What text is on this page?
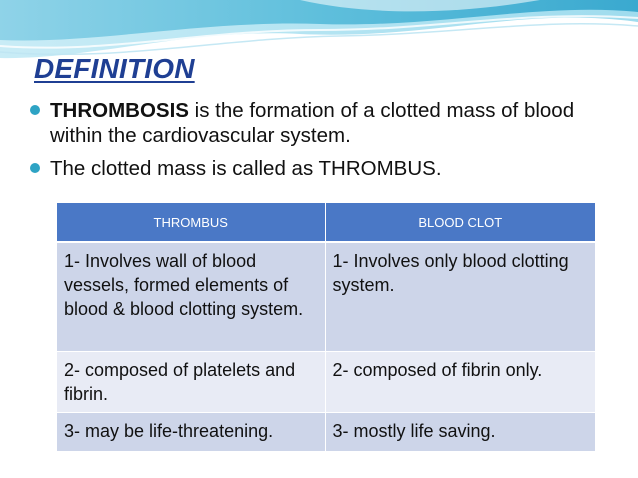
DEFINITION
THROMBOSIS is the formation of a clotted mass of blood within the cardiovascular system.
The clotted mass is called as THROMBUS.
THROMBUS	BLOOD CLOT
1- Involves wall of blood vessels, formed elements of blood & blood clotting system.	1- Involves only blood clotting system.
2- composed of platelets and fibrin.	2- composed of fibrin only.
3- may be life-threatening.	3- mostly life saving.
